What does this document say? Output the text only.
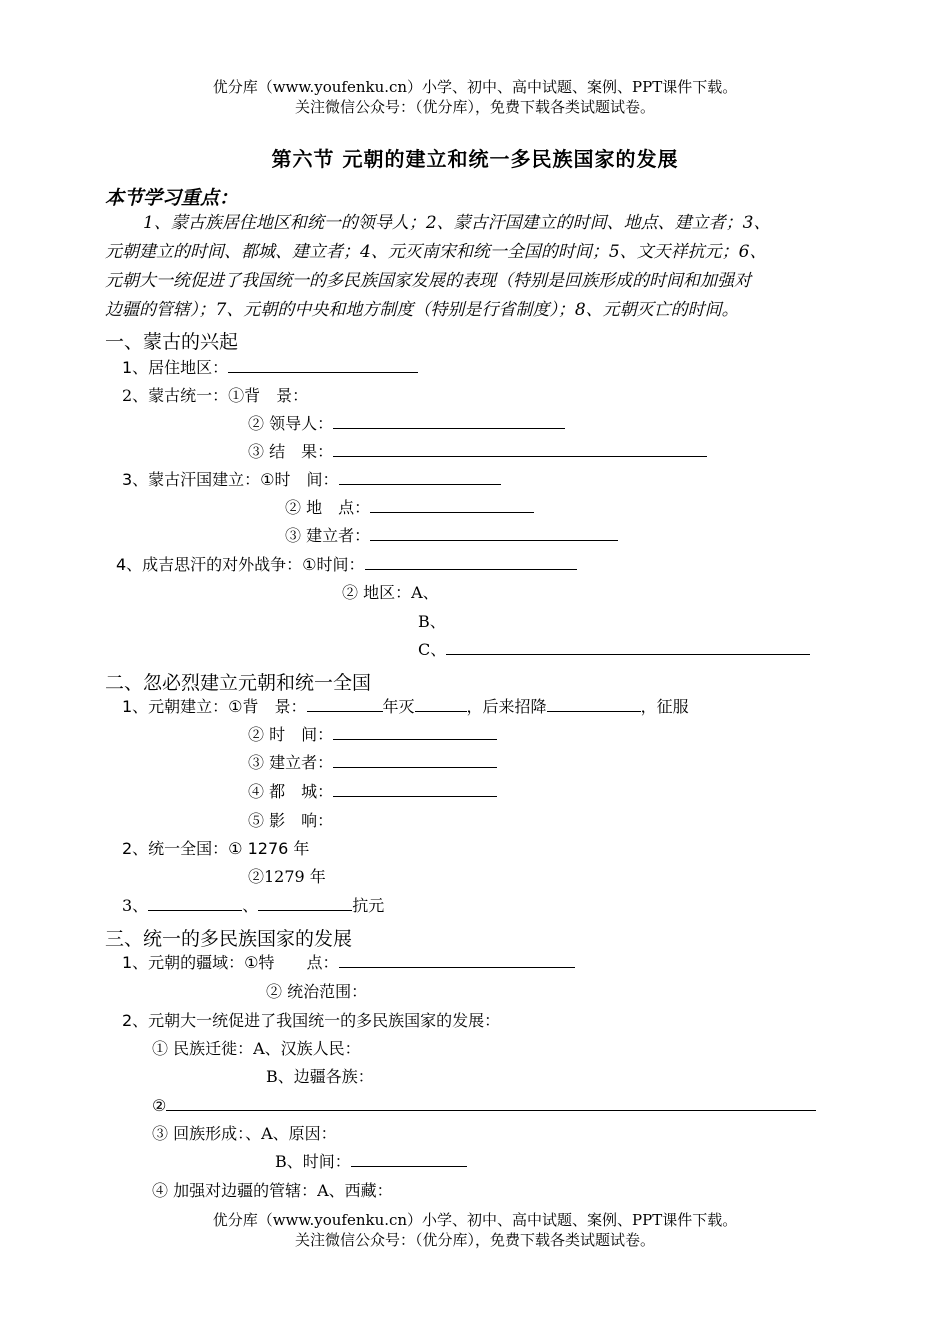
优分库（www.youfenku.cn）小学、初中、高中试题、案例、PPT课件下载。
关注微信公众号：（优分库），免费下载各类试题试卷。
第六节 元朝的建立和统一多民族国家的发展
本节学习重点：
1、蒙古族居住地区和统一的领导人；2、蒙古汗国建立的时间、地点、建立者；3、
元朝建立的时间、都城、建立者；4、元灭南宋和统一全国的时间；5、文天祥抗元；6、
元朝大一统促进了我国统一的多民族国家发展的表现（特别是回族形成的时间和加强对
边疆的管辖）；7、元朝的中央和地方制度（特别是行省制度）；8、元朝灭亡的时间。
一、蒙古的兴起
1、居住地区：
2、蒙古统一：①背　景：
② 领导人：
③ 结　果：
3、蒙古汗国建立：①时　间：
② 地　点：
③ 建立者：
4、成吉思汗的对外战争：①时间：
② 地区：A、
B、
C、
二、忽必烈建立元朝和统一全国
1、元朝建立：①背　景：	年灭	，后来招降	，征服
② 时　间：
③ 建立者：
④ 都　城：
⑤ 影　响：
2、统一全国：① 1276 年
②1279 年
3、	、	抗元
三、统一的多民族国家的发展
1、元朝的疆域：①特　　点：
② 统治范围：
2、元朝大一统促进了我国统一的多民族国家的发展：
① 民族迁徙：A、汉族人民：
B、边疆各族：
②
③ 回族形成：、A、原因：
B、时间：
④ 加强对边疆的管辖：A、西藏：
优分库（www.youfenku.cn）小学、初中、高中试题、案例、PPT课件下载。
关注微信公众号：（优分库），免费下载各类试题试卷。
